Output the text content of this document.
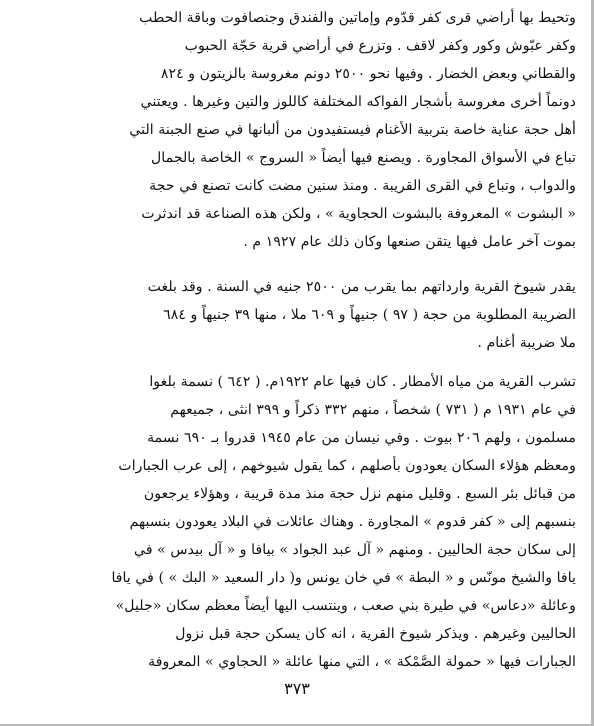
وتحيط بها أراضي قرى كفر قدّوم وإماتين والفندق وجنصافوت وباقة الحطب
وكفر عبّوش وكور وكفر لاقف . وتزرع في أراضي قرية حَجّة الحبوب
والقطاني وبعض الخضار . وفيها نحو ٢٥٠٠ دونم مغروسة بالزيتون و ٨٢٤
دونماً أخرى مغروسة بأشجار الفواكه المختلفة كاللوز والتين وغيرها . ويعتني
أهل حجة عناية خاصة بتربية الأغنام فيستفيدون من ألبانها في صنع الجبنة التي
تباع في الأسواق المجاورة . ويصنع فيها أيضاً « السروج » الخاصة بالجمال
والدواب ، وتباع في القرى القريبة . ومنذ سنين مضت كانت تصنع في حجة
« البشوت » المعروفة بالبشوت الحجاوية » ، ولكن هذه الصناعة قد اندثرت
بموت آخر عامل فيها يتقن صنعها وكان ذلك عام ١٩٢٧ م .
يقدر شيوخ القرية وارداتهم بما يقرب من ٢٥٠٠ جنيه في السنة . وقد بلغت
الضريبة المطلوبة من حجة ( ٩٧ ) جنيهاً و ٦٠٩ ملا ، منها ٣٩ جنيهاً و ٦٨٤
ملا ضريبة أغنام .
تشرب القرية من مياه الأمطار . كان فيها عام ١٩٢٢م. ( ٦٤٢ ) نسمة بلغوا
في عام ١٩٣١ م ( ٧٣١ ) شخصاً ، منهم ٣٣٢ ذكراً و ٣٩٩ انثى ، جميعهم
مسلمون ، ولهم ٢٠٦ بيوت . وفي نيسان من عام ١٩٤٥ قدروا بـ ٦٩٠ نسمة
ومعظم هؤلاء السكان يعودون بأصلهم ، كما يقول شيوخهم ، إلى عرب الجبارات
من قبائل بئر السبع . وقليل منهم نزل حجة منذ مدة قريبة ، وهؤلاء يرجعون
بنسبهم إلى « كفر قدوم » المجاورة . وهناك عائلات في البلاد يعودون بنسبهم
إلى سكان حجة الحاليين . ومنهم « آل عبد الجواد » بيافا و « آل بيدس » في
يافا والشيخ مونّس و « البطة » في خان يونس و( دار السعيد « البك » ) في يافا
وعائلة «دعاس» في طيرة بني صعب ، وينتسب اليها أيضاً معظم سكان «جليل»
الحاليين وغيرهم . ويذكر شيوخ القرية ، انه كان يسكن حجة قبل نزول
الجبارات فيها « حمولة الصَّمْكة » ، التي منها عائلة « الحجاوي » المعروفة
٣٧٣
